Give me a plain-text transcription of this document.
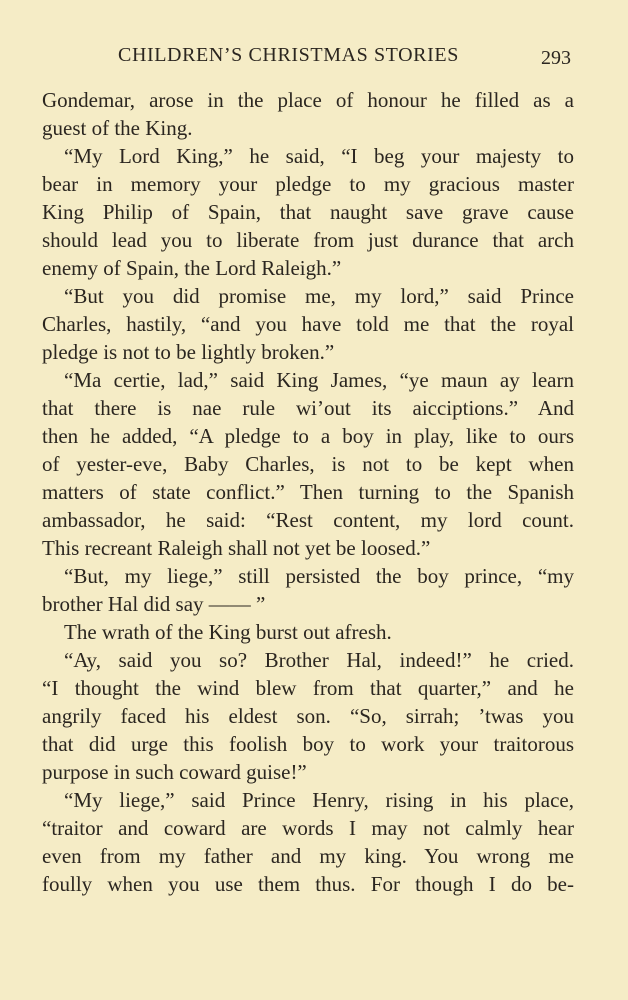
CHILDREN’S CHRISTMAS STORIES	293
Gondemar, arose in the place of honour he filled as a
guest of the King.
“My Lord King,” he said, “I beg your majesty to
bear in memory your pledge to my gracious master
King Philip of Spain, that naught save grave cause
should lead you to liberate from just durance that arch
enemy of Spain, the Lord Raleigh.”
“But you did promise me, my lord,” said Prince
Charles, hastily, “and you have told me that the royal
pledge is not to be lightly broken.”
“Ma certie, lad,” said King James, “ye maun ay learn
that there is nae rule wi’out its aicciptions.” And
then he added, “A pledge to a boy in play, like to ours
of yester-eve, Baby Charles, is not to be kept when
matters of state conflict.” Then turning to the Spanish
ambassador, he said: “Rest content, my lord count.
This recreant Raleigh shall not yet be loosed.”
“But, my liege,” still persisted the boy prince, “my
brother Hal did say —— ”
The wrath of the King burst out afresh.
“Ay, said you so? Brother Hal, indeed!” he cried.
“I thought the wind blew from that quarter,” and he
angrily faced his eldest son. “So, sirrah; ’twas you
that did urge this foolish boy to work your traitorous
purpose in such coward guise!”
“My liege,” said Prince Henry, rising in his place,
“traitor and coward are words I may not calmly hear
even from my father and my king. You wrong me
foully when you use them thus. For though I do be-
